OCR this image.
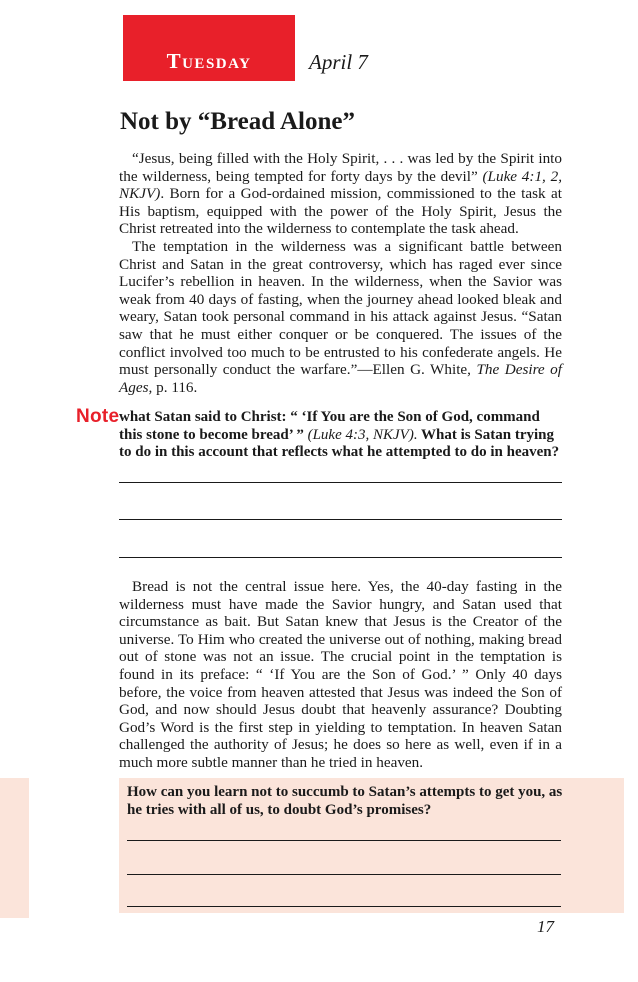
Tuesday	April 7
Not by “Bread Alone”

“Jesus, being filled with the Holy Spirit, . . . was led by the Spirit into the wilderness, being tempted for forty days by the devil” (Luke 4:1, 2, NKJV). Born for a God-ordained mission, commissioned to the task at His baptism, equipped with the power of the Holy Spirit, Jesus the Christ retreated into the wilderness to contemplate the task ahead.

The temptation in the wilderness was a significant battle between Christ and Satan in the great controversy, which has raged ever since Lucifer’s rebellion in heaven. In the wilderness, when the Savior was weak from 40 days of fasting, when the journey ahead looked bleak and weary, Satan took personal command in his attack against Jesus. “Satan saw that he must either conquer or be conquered. The issues of the conflict involved too much to be entrusted to his confederate angels. He must personally conduct the warfare.”—Ellen G. White, The Desire of Ages, p. 116.

Note what Satan said to Christ: “ ‘If You are the Son of God, command this stone to become bread’ ” (Luke 4:3, NKJV). What is Satan trying to do in this account that reflects what he attempted to do in heaven?

Bread is not the central issue here. Yes, the 40-day fasting in the wilderness must have made the Savior hungry, and Satan used that circumstance as bait. But Satan knew that Jesus is the Creator of the universe. To Him who created the universe out of nothing, making bread out of stone was not an issue. The crucial point in the temptation is found in its preface: “ ‘If You are the Son of God.’ ” Only 40 days before, the voice from heaven attested that Jesus was indeed the Son of God, and now should Jesus doubt that heavenly assurance? Doubting God’s Word is the first step in yielding to temptation. In heaven Satan challenged the authority of Jesus; he does so here as well, even if in a much more subtle manner than he tried in heaven.

How can you learn not to succumb to Satan’s attempts to get you, as he tries with all of us, to doubt God’s promises?

17
